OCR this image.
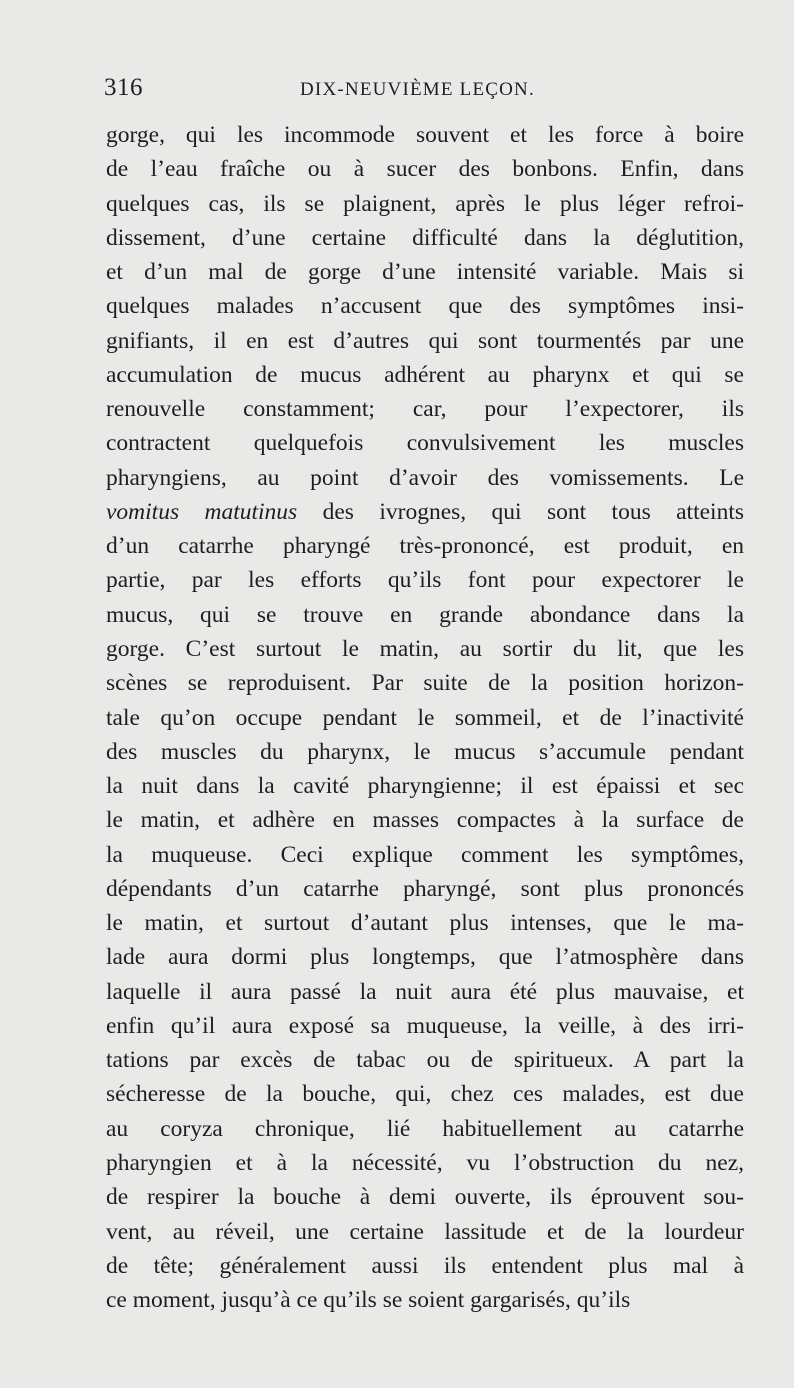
316	DIX-NEUVIÈME LEÇON.
gorge, qui les incommode souvent et les force à boire
de l’eau fraîche ou à sucer des bonbons. Enfin, dans
quelques cas, ils se plaignent, après le plus léger refroi-
dissement, d’une certaine difficulté dans la déglutition,
et d’un mal de gorge d’une intensité variable. Mais si
quelques malades n’accusent que des symptômes insi-
gnifiants, il en est d’autres qui sont tourmentés par une
accumulation de mucus adhérent au pharynx et qui se
renouvelle constamment; car, pour l’expectorer, ils
contractent quelquefois convulsivement les muscles
pharyngiens, au point d’avoir des vomissements. Le
vomitus matutinus des ivrognes, qui sont tous atteints
d’un catarrhe pharyngé très-prononcé, est produit, en
partie, par les efforts qu’ils font pour expectorer le
mucus, qui se trouve en grande abondance dans la
gorge. C’est surtout le matin, au sortir du lit, que les
scènes se reproduisent. Par suite de la position horizon-
tale qu’on occupe pendant le sommeil, et de l’inactivité
des muscles du pharynx, le mucus s’accumule pendant
la nuit dans la cavité pharyngienne; il est épaissi et sec
le matin, et adhère en masses compactes à la surface de
la muqueuse. Ceci explique comment les symptômes,
dépendants d’un catarrhe pharyngé, sont plus prononcés
le matin, et surtout d’autant plus intenses, que le ma-
lade aura dormi plus longtemps, que l’atmosphère dans
laquelle il aura passé la nuit aura été plus mauvaise, et
enfin qu’il aura exposé sa muqueuse, la veille, à des irri-
tations par excès de tabac ou de spiritueux. A part la
sécheresse de la bouche, qui, chez ces malades, est due
au coryza chronique, lié habituellement au catarrhe
pharyngien et à la nécessité, vu l’obstruction du nez,
de respirer la bouche à demi ouverte, ils éprouvent sou-
vent, au réveil, une certaine lassitude et de la lourdeur
de tête; généralement aussi ils entendent plus mal à
ce moment, jusqu’à ce qu’ils se soient gargarisés, qu’ils
